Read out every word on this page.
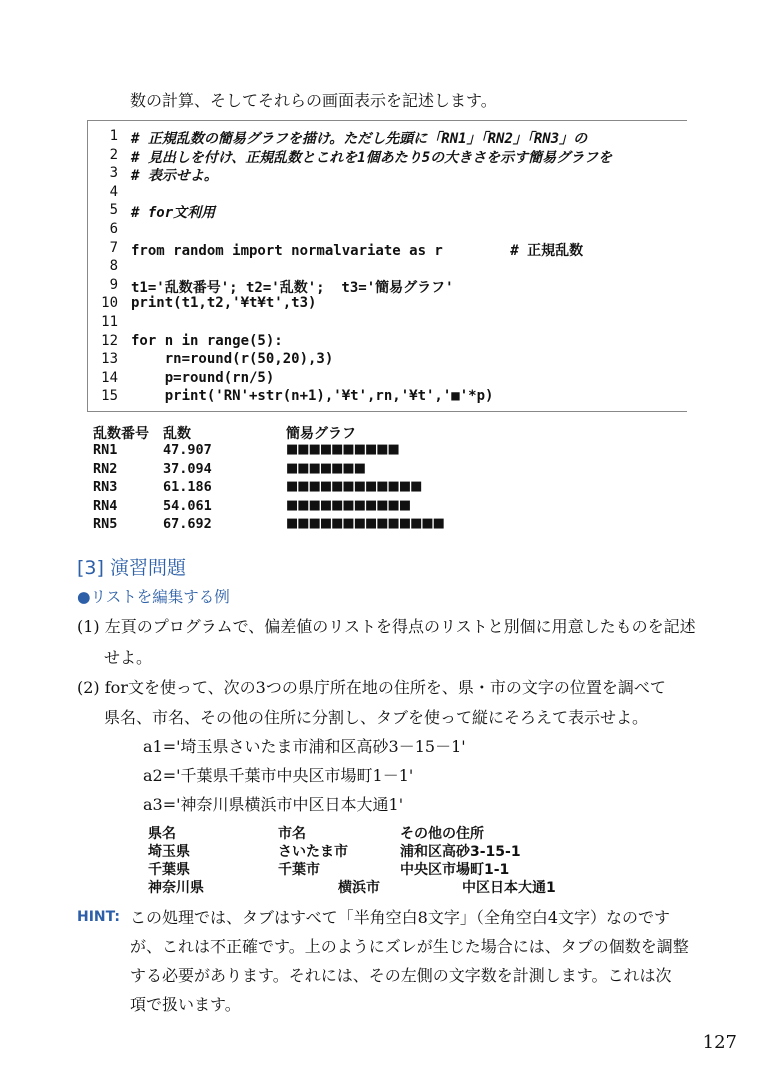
数の計算、そしてそれらの画面表示を記述します。
1 # 正規乱数の簡易グラフを描け。ただし先頭に「RN1」「RN2」「RN3」の
2 # 見出しを付け、正規乱数とこれを1個あたり5の大きさを示す簡易グラフを
3 # 表示せよ。
4
5 # for文利用
6
7 from random import normalvariate as r        # 正規乱数
8
9 t1='乱数番号'; t2='乱数';  t3='簡易グラフ'
10 print(t1,t2,'¥t¥t',t3)
11
12 for n in range(5):
13 rn=round(r(50,20),3)
14 p=round(rn/5)
15 print('RN'+str(n+1),'¥t',rn,'¥t','■'*p)
乱数番号 乱数	簡易グラフ
RN1	47.907	■■■■■■■■■■
RN2	37.094	■■■■■■■
RN3	61.186	■■■■■■■■■■■■
RN4	54.061	■■■■■■■■■■■
RN5	67.692	■■■■■■■■■■■■■■
[3] 演習問題
●リストを編集する例
(1) 左頁のプログラムで、偏差値のリストを得点のリストと別個に用意したものを記述
せよ。
(2) for文を使って、次の3つの県庁所在地の住所を、県・市の文字の位置を調べて
県名、市名、その他の住所に分割し、タブを使って縦にそろえて表示せよ。
a1='埼玉県さいたま市浦和区高砂3－15－1'
a2='千葉県千葉市中央区市場町1－1'
a3='神奈川県横浜市中区日本大通1'
県名	市名	その他の住所
埼玉県	さいたま市	浦和区高砂3-15-1
千葉県	千葉市	中央区市場町1-1
神奈川県	横浜市	中区日本大通1
HINT: この処理では、タブはすべて「半角空白8文字」（全角空白4文字）なのです
が、これは不正確です。上のようにズレが生じた場合には、タブの個数を調整
する必要があります。それには、その左側の文字数を計測します。これは次
項で扱います。
127
